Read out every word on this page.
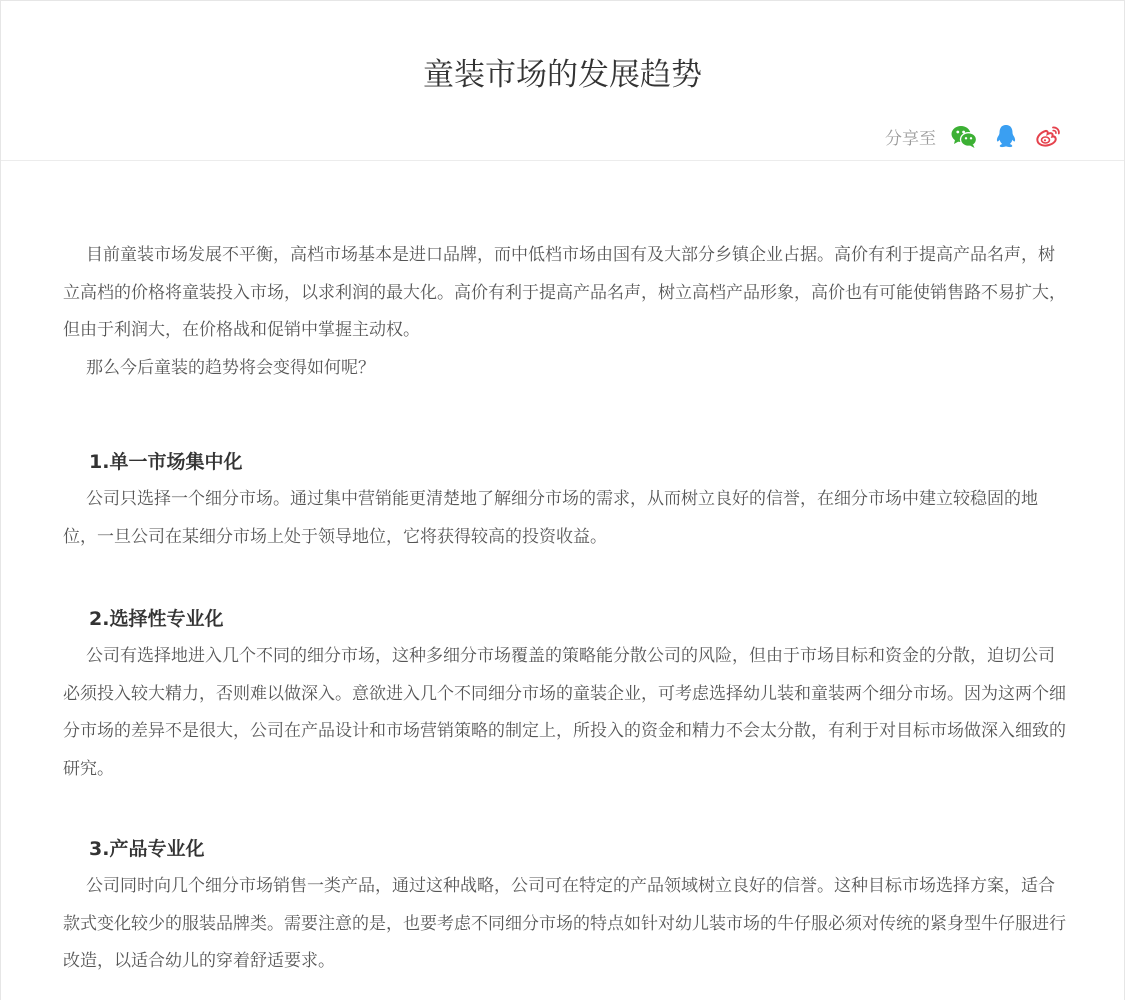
童装市场的发展趋势
分享至

目前童装市场发展不平衡，高档市场基本是进口品牌，而中低档市场由国有及大部分乡镇企业占据。高价有利于提高产品名声，树立高档的价格将童装投入市场，以求利润的最大化。高价有利于提高产品名声，树立高档产品形象，高价也有可能使销售路不易扩大，但由于利润大，在价格战和促销中掌握主动权。

那么今后童装的趋势将会变得如何呢？

1.单一市场集中化

公司只选择一个细分市场。通过集中营销能更清楚地了解细分市场的需求，从而树立良好的信誉，在细分市场中建立较稳固的地位，一旦公司在某细分市场上处于领导地位，它将获得较高的投资收益。

2.选择性专业化

公司有选择地进入几个不同的细分市场，这种多细分市场覆盖的策略能分散公司的风险，但由于市场目标和资金的分散，迫切公司必须投入较大精力，否则难以做深入。意欲进入几个不同细分市场的童装企业，可考虑选择幼儿装和童装两个细分市场。因为这两个细分市场的差异不是很大，公司在产品设计和市场营销策略的制定上，所投入的资金和精力不会太分散，有利于对目标市场做深入细致的研究。

3.产品专业化

公司同时向几个细分市场销售一类产品，通过这种战略，公司可在特定的产品领域树立良好的信誉。这种目标市场选择方案，适合款式变化较少的服装品牌类。需要注意的是，也要考虑不同细分市场的特点如针对幼儿装市场的牛仔服必须对传统的紧身型牛仔服进行改造，以适合幼儿的穿着舒适要求。
